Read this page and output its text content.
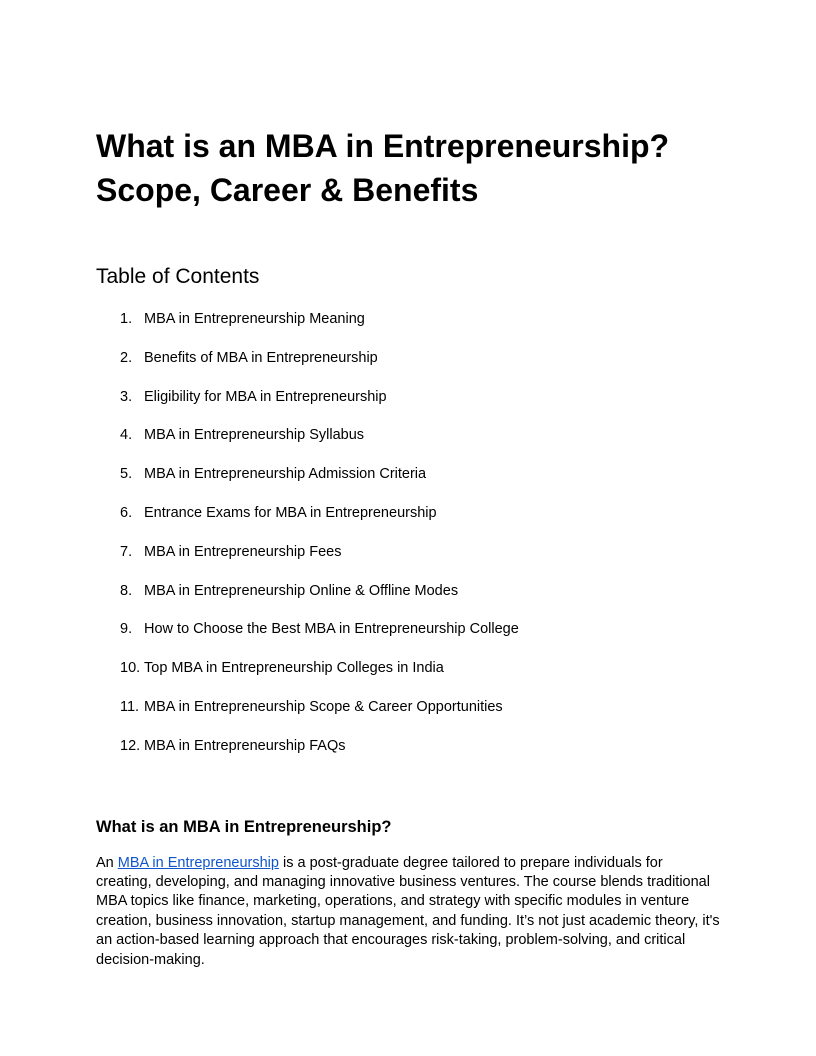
What is an MBA in Entrepreneurship?
Scope, Career & Benefits
Table of Contents
1. MBA in Entrepreneurship Meaning
2. Benefits of MBA in Entrepreneurship
3. Eligibility for MBA in Entrepreneurship
4. MBA in Entrepreneurship Syllabus
5. MBA in Entrepreneurship Admission Criteria
6. Entrance Exams for MBA in Entrepreneurship
7. MBA in Entrepreneurship Fees
8. MBA in Entrepreneurship Online & Offline Modes
9. How to Choose the Best MBA in Entrepreneurship College
10. Top MBA in Entrepreneurship Colleges in India
11. MBA in Entrepreneurship Scope & Career Opportunities
12. MBA in Entrepreneurship FAQs
What is an MBA in Entrepreneurship?

An MBA in Entrepreneurship is a post-graduate degree tailored to prepare individuals for creating, developing, and managing innovative business ventures. The course blends traditional MBA topics like finance, marketing, operations, and strategy with specific modules in venture creation, business innovation, startup management, and funding. It’s not just academic theory, it's an action-based learning approach that encourages risk-taking, problem-solving, and critical decision-making.
